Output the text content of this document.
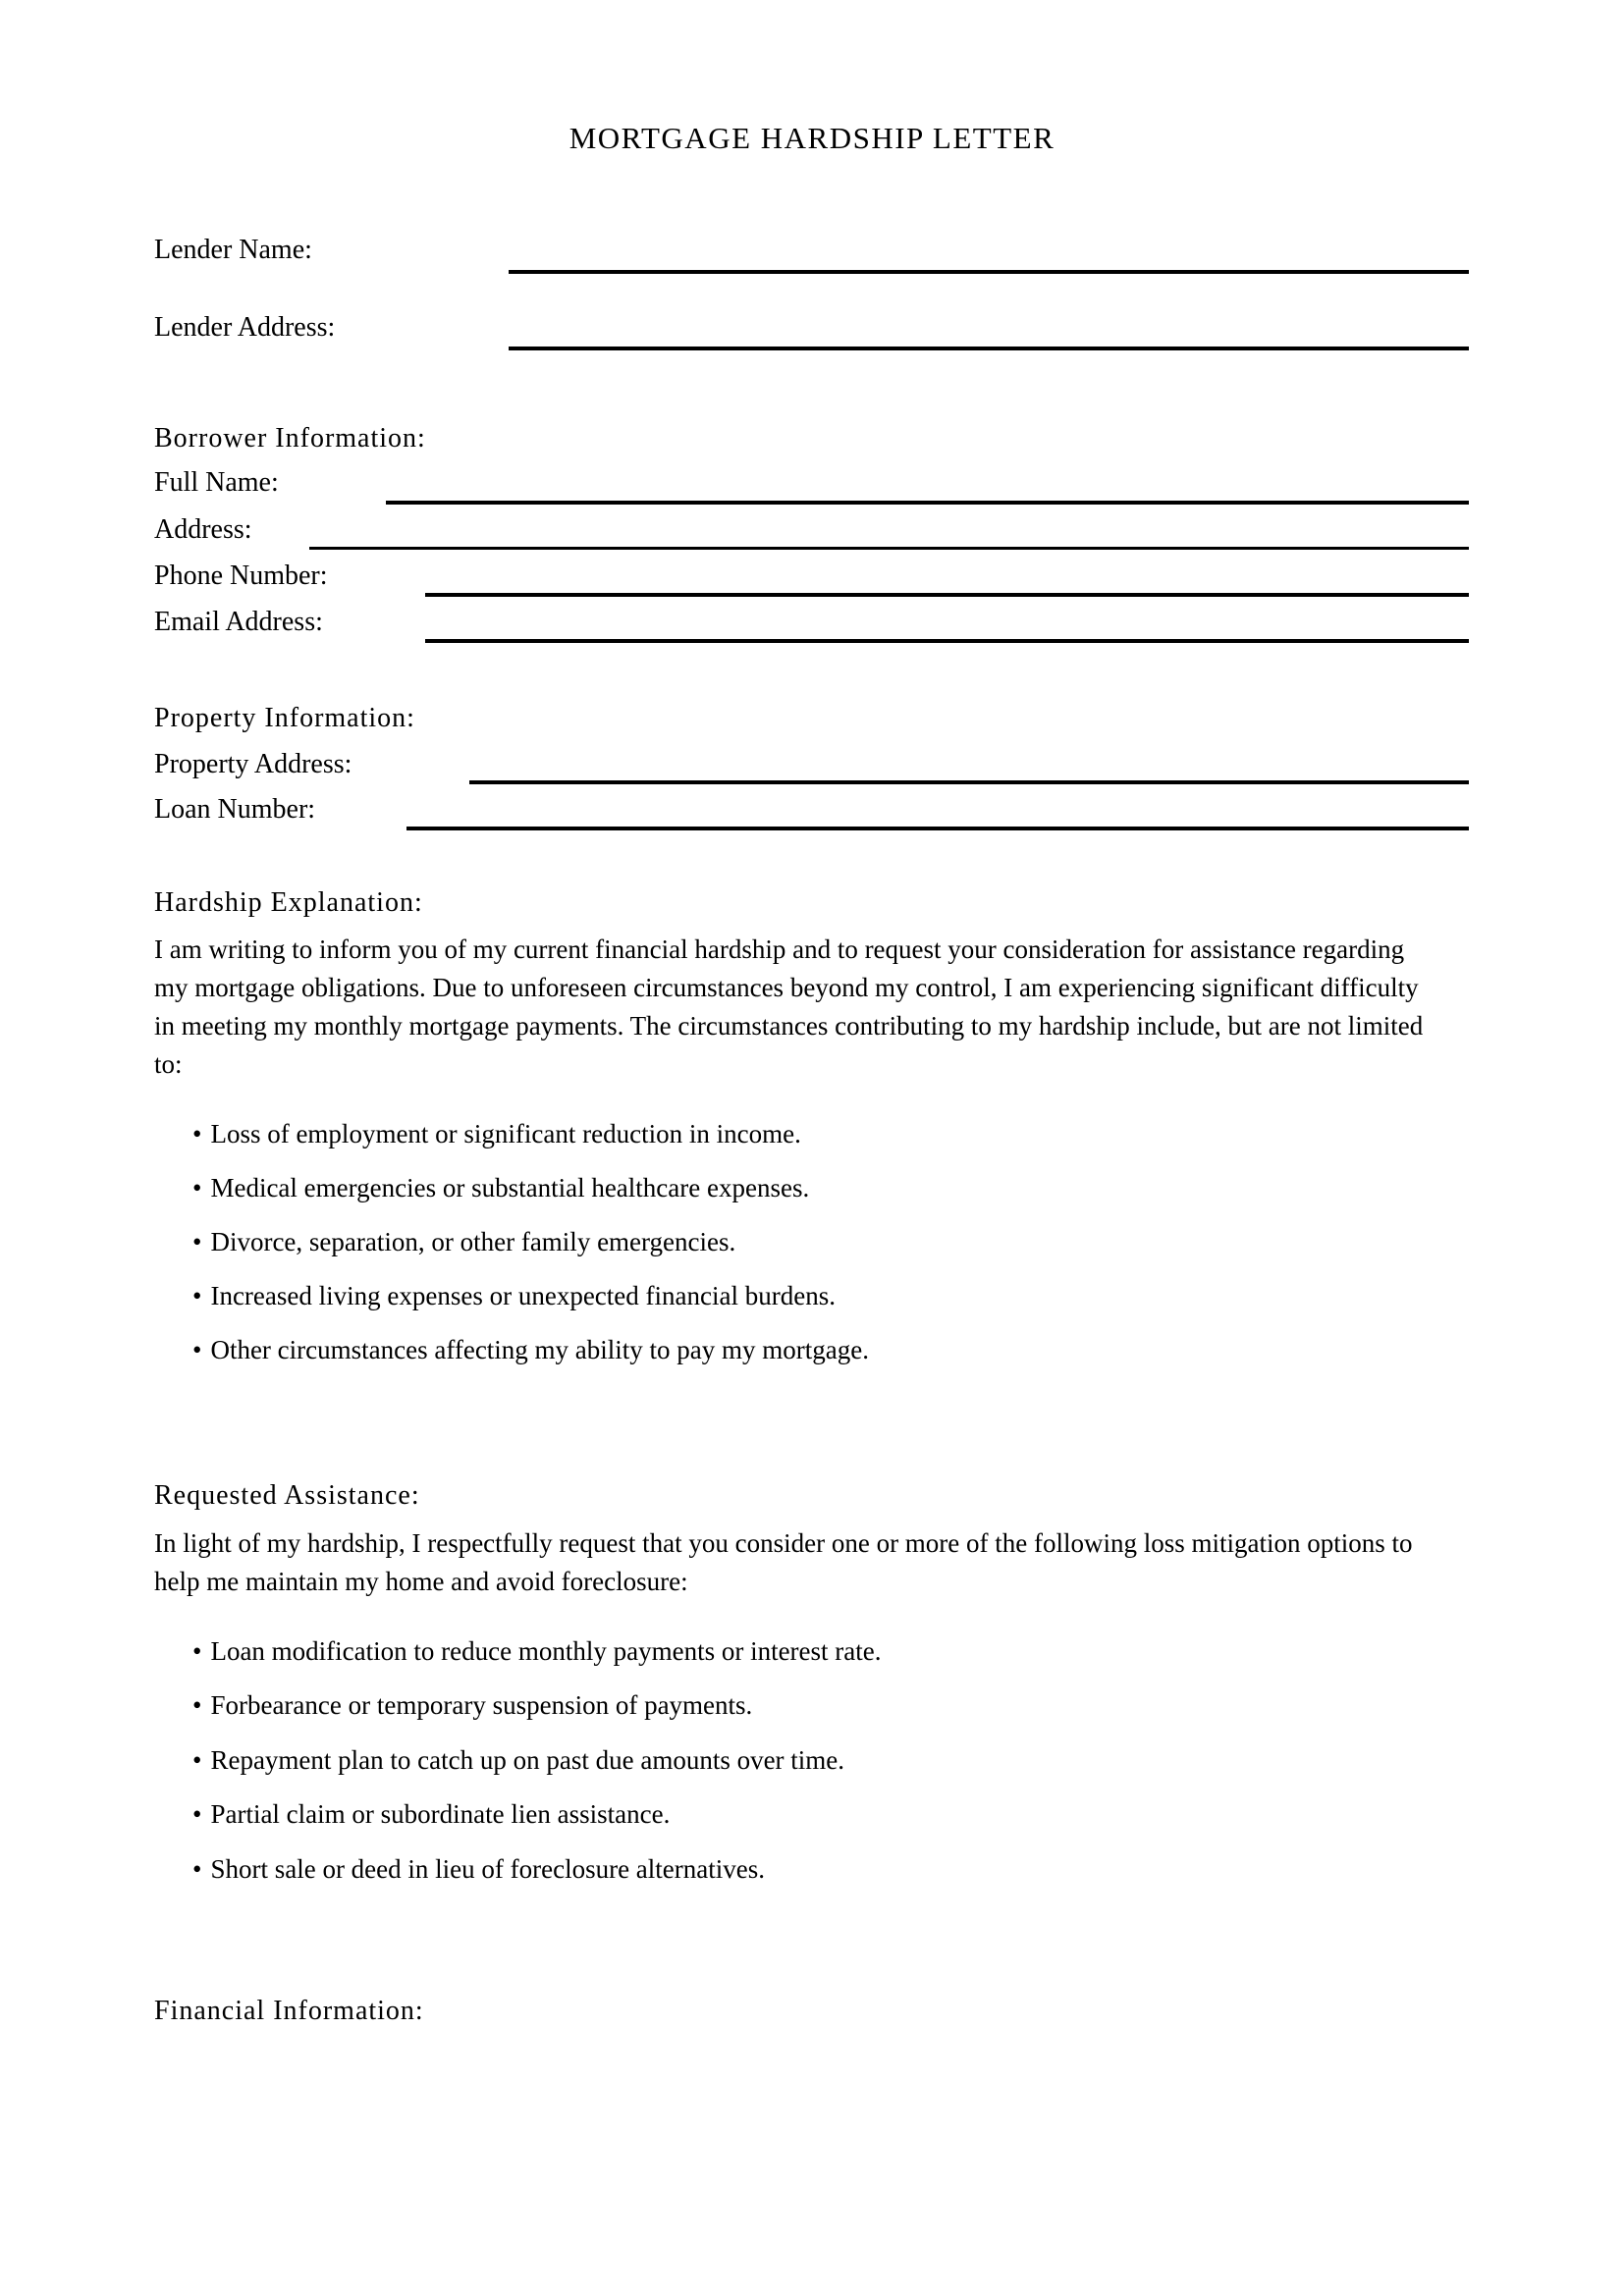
MORTGAGE HARDSHIP LETTER
Lender Name:
Lender Address:
Borrower Information:
Full Name:
Address:
Phone Number:
Email Address:
Property Information:
Property Address:
Loan Number:
Hardship Explanation:
I am writing to inform you of my current financial hardship and to request your consideration for assistance regarding
my mortgage obligations. Due to unforeseen circumstances beyond my control, I am experiencing significant difficulty
in meeting my monthly mortgage payments. The circumstances contributing to my hardship include, but are not limited
to:
• Loss of employment or significant reduction in income.
• Medical emergencies or substantial healthcare expenses.
• Divorce, separation, or other family emergencies.
• Increased living expenses or unexpected financial burdens.
• Other circumstances affecting my ability to pay my mortgage.
Requested Assistance:
In light of my hardship, I respectfully request that you consider one or more of the following loss mitigation options to
help me maintain my home and avoid foreclosure:
• Loan modification to reduce monthly payments or interest rate.
• Forbearance or temporary suspension of payments.
• Repayment plan to catch up on past due amounts over time.
• Partial claim or subordinate lien assistance.
• Short sale or deed in lieu of foreclosure alternatives.
Financial Information:
